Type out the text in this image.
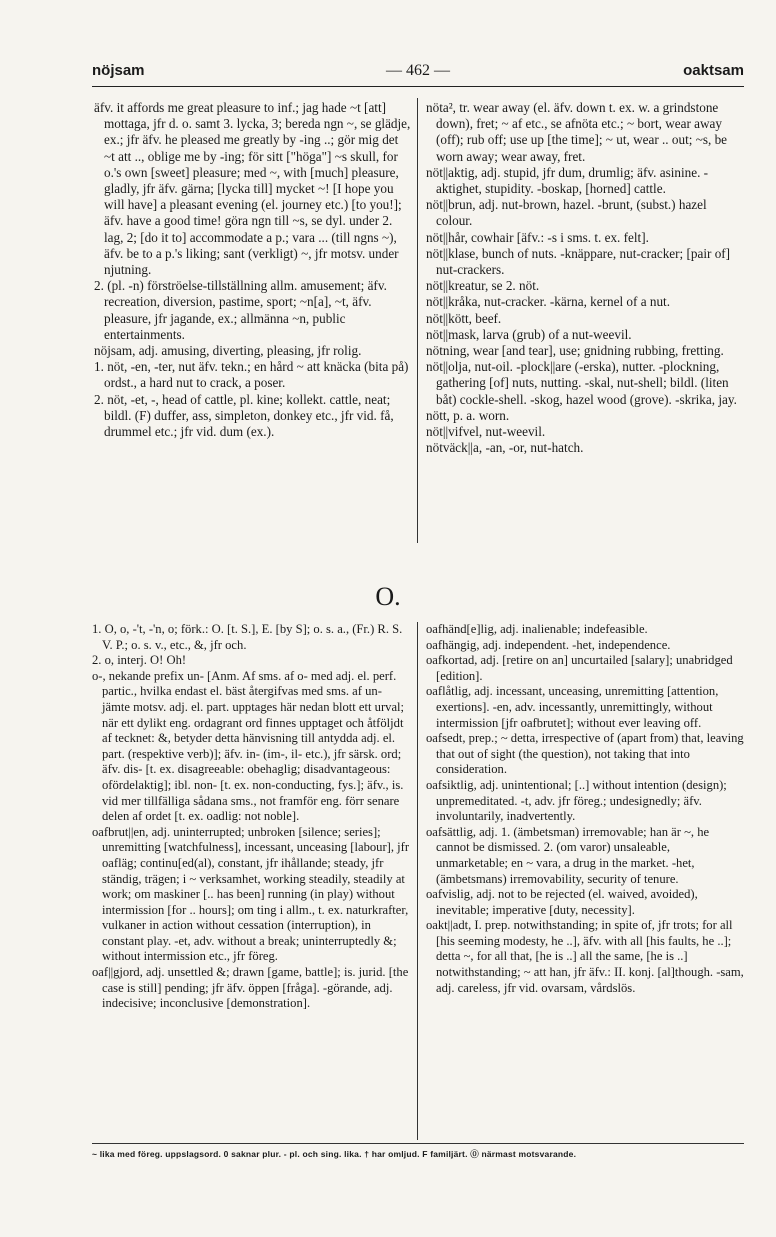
nöjsam	— 462 —	oaktsam

äfv. it affords me great pleasure to inf.; jag hade ~t [att] mottaga, jfr d. o. samt 3. lycka, 3; bereda ngn ~, se glädje, ex.; jfr äfv. he pleased me greatly by -ing ..; gör mig det ~t att .., oblige me by -ing; för sitt ["höga"] ~s skull, for o.'s own [sweet] pleasure; med ~, with [much] pleasure, gladly, jfr äfv. gärna; [lycka till] mycket ~! [I hope you will have] a pleasant evening (el. journey etc.) [to you!]; äfv. have a good time! göra ngn till ~s, se dyl. under 2. lag, 2; [do it to] accommodate a p.; vara ... (till ngns ~), äfv. be to a p.'s liking; sant (verkligt) ~, jfr motsv. under njutning.

2. (pl. -n) förströelse-tillställning allm. amusement; äfv. recreation, diversion, pastime, sport; ~n[a], ~t, äfv. pleasure, jfr jagande, ex.; allmänna ~n, public entertainments.

nöjsam, adj. amusing, diverting, pleasing, jfr rolig.

1. nöt, -en, -ter, nut äfv. tekn.; en hård ~ att knäcka (bita på) ordst., a hard nut to crack, a poser.

2. nöt, -et, -, head of cattle, pl. kine; kollekt. cattle, neat; bildl. (F) duffer, ass, simpleton, donkey etc., jfr vid. få, drummel etc.; jfr vid. dum (ex.).

nöta², tr. wear away (el. äfv. down t. ex. w. a grindstone down), fret; ~ af etc., se afnöta etc.; ~ bort, wear away (off); rub off; use up [the time]; ~ ut, wear .. out; ~s, be worn away; wear away, fret.

nöt||aktig, adj. stupid, jfr dum, drumlig; äfv. asinine. -aktighet, stupidity. -boskap, [horned] cattle.

nöt||brun, adj. nut-brown, hazel. -brunt, (subst.) hazel colour.

nöt||hår, cowhair [äfv.: -s i sms. t. ex. felt].

nöt||klase, bunch of nuts. -knäppare, nut-cracker; [pair of] nut-crackers.

nöt||kreatur, se 2. nöt.

nöt||kråka, nut-cracker. -kärna, kernel of a nut.

nöt||kött, beef.

nöt||mask, larva (grub) of a nut-weevil.

nötning, wear [and tear], use; gnidning rubbing, fretting.

nöt||olja, nut-oil. -plock||are (-erska), nutter. -plockning, gathering [of] nuts, nutting. -skal, nut-shell; bildl. (liten båt) cockle-shell. -skog, hazel wood (grove). -skrika, jay.

nött, p. a. worn.

nöt||vifvel, nut-weevil.

nötväck||a, -an, -or, nut-hatch.

O.

1. O, o, -'t, -'n, o; förk.: O. [t. S.], E. [by S]; o. s. a., (Fr.) R. S. V. P.; o. s. v., etc., &, jfr och.

2. o, interj. O! Oh!

o-, nekande prefix un- [Anm. Af sms. af o- med adj. el. perf. partic., hvilka endast el. bäst återgifvas med sms. af un- jämte motsv. adj. el. part. upptages här nedan blott ett urval; när ett dylikt eng. ordagrant ord finnes upptaget och åtföljdt af tecknet: &, betyder detta hänvisning till antydda adj. el. part. (respektive verb)]; äfv. in- (im-, il- etc.), jfr särsk. ord; äfv. dis- [t. ex. disagreeable: obehaglig; disadvantageous: ofördelaktig]; ibl. non- [t. ex. non-conducting, fys.]; äfv., is. vid mer tillfälliga sådana sms., not framför eng. förr senare delen af ordet [t. ex. oadlig: not noble].

oafbrut||en, adj. uninterrupted; unbroken [silence; series]; unremitting [watchfulness], incessant, unceasing [labour], jfr oafläg; continu[ed(al), constant, jfr ihållande; steady, jfr ständig, trägen; i ~ verksamhet, working steadily, steadily at work; om maskiner [.. has been] running (in play) without intermission [for .. hours]; om ting i allm., t. ex. naturkrafter, vulkaner in action without cessation (interruption), in constant play. -et, adv. without a break; uninterruptedly &; without intermission etc., jfr föreg.

oaf||gjord, adj. unsettled &; drawn [game, battle]; is. jurid. [the case is still] pending; jfr äfv. öppen [fråga]. -görande, adj. indecisive; inconclusive [demonstration].

oafhänd[e]lig, adj. inalienable; indefeasible.

oafhängig, adj. independent. -het, independence.

oafkortad, adj. [retire on an] uncurtailed [salary]; unabridged [edition].

oaflåtlig, adj. incessant, unceasing, unremitting [attention, exertions]. -en, adv. incessantly, unremittingly, without intermission [jfr oafbrutet]; without ever leaving off.

oafsedt, prep.; ~ detta, irrespective of (apart from) that, leaving that out of sight (the question), not taking that into consideration.

oafsiktlig, adj. unintentional; [..] without intention (design); unpremeditated. -t, adv. jfr föreg.; undesignedly; äfv. involuntarily, inadvertently.

oafsättlig, adj. 1. (ämbetsman) irremovable; han är ~, he cannot be dismissed. 2. (om varor) unsaleable, unmarketable; en ~ vara, a drug in the market. -het, (ämbetsmans) irremovability, security of tenure.

oafvislig, adj. not to be rejected (el. waived, avoided), inevitable; imperative [duty, necessity].

oakt||adt, I. prep. notwithstanding; in spite of, jfr trots; for all [his seeming modesty, he ..], äfv. with all [his faults, he ..]; detta ~, for all that, [he is ..] all the same, [he is ..] notwithstanding; ~ att han, jfr äfv.: II. konj. [al]though. -sam, adj. careless, jfr vid. ovarsam, vårdslös.

~ lika med föreg. uppslagsord. 0 saknar plur. - pl. och sing. lika. † har omljud. F familjärt. ⓪ närmast motsvarande.
